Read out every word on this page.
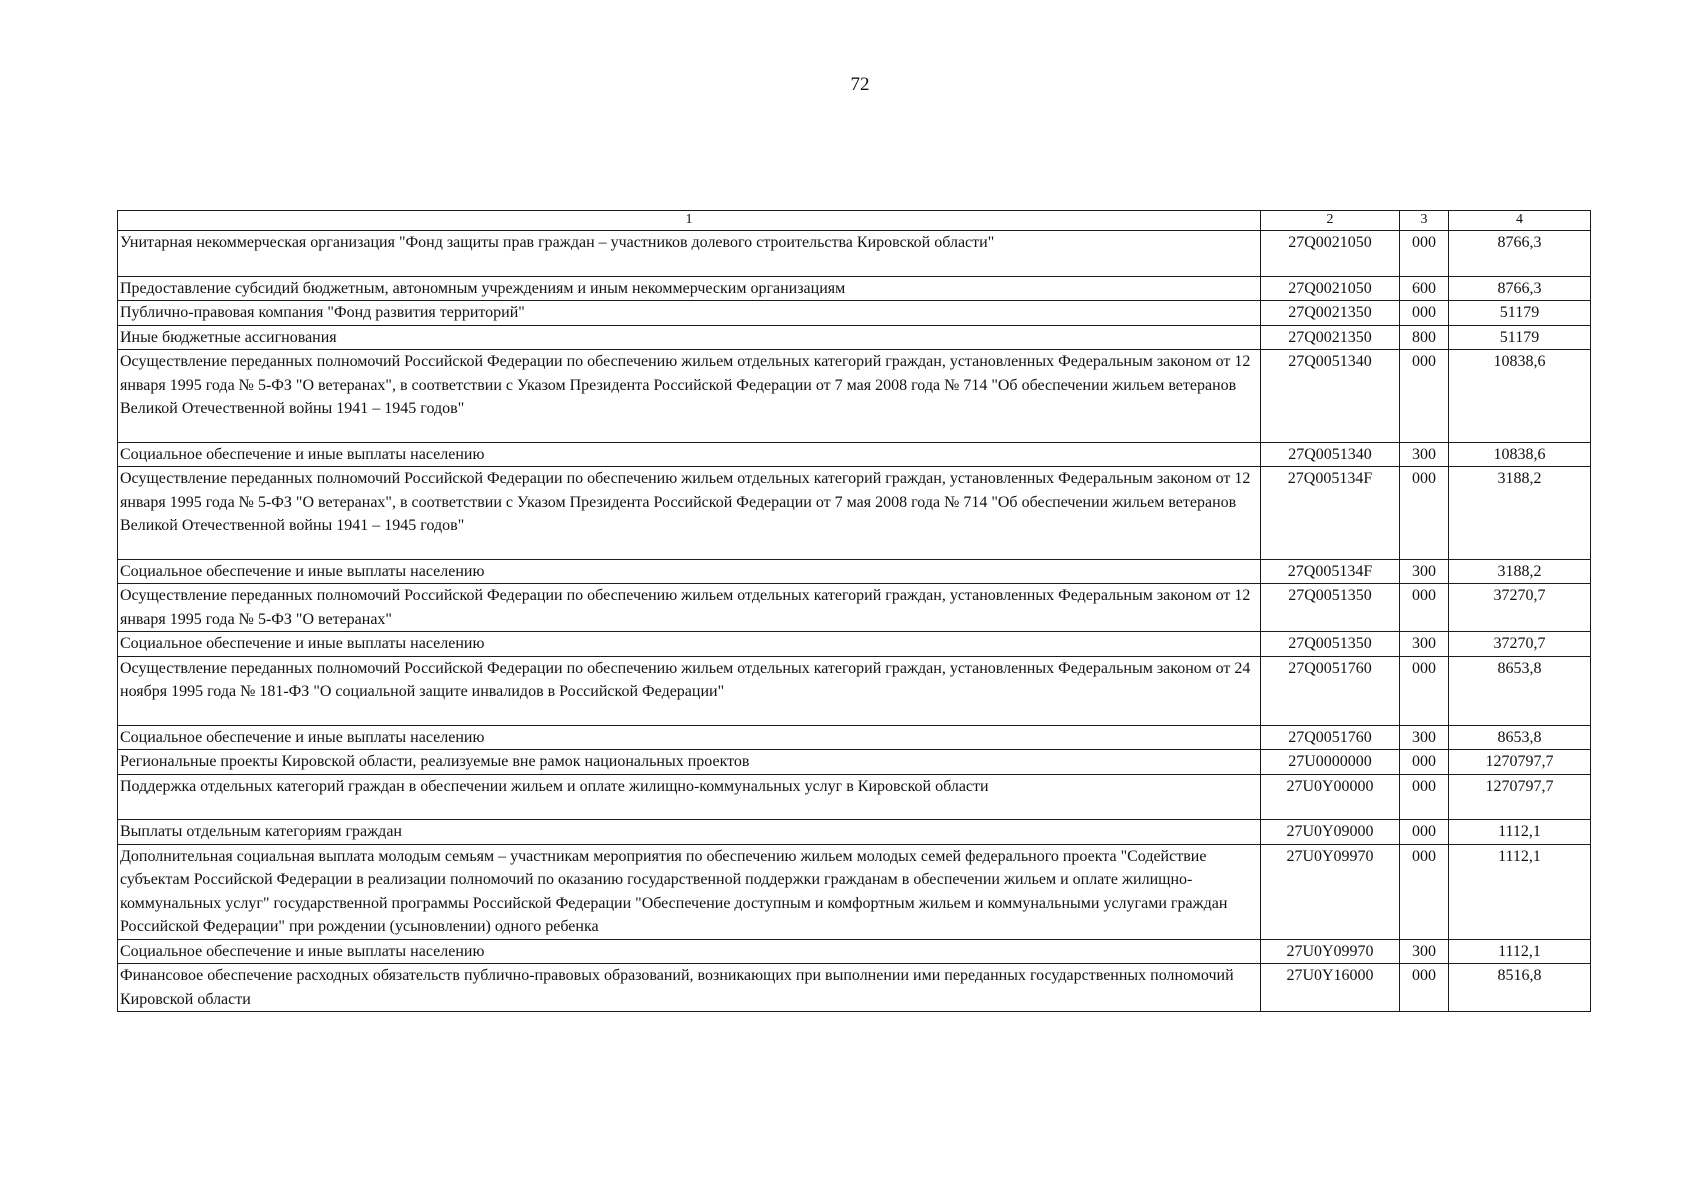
72
1	2	3	4
Унитарная некоммерческая организация "Фонд защиты прав граждан – участников долевого строительства Кировской области"	27Q0021050	000	8766,3
Предоставление субсидий бюджетным, автономным учреждениям и иным некоммерческим организациям	27Q0021050	600	8766,3
Публично-правовая компания "Фонд развития территорий"	27Q0021350	000	51179
Иные бюджетные ассигнования	27Q0021350	800	51179
Осуществление переданных полномочий Российской Федерации по обеспечению жильем отдельных категорий граждан, установленных Федеральным законом от 12 января 1995 года № 5-ФЗ "О ветеранах", в соответствии с Указом Президента Российской Федерации от 7 мая 2008 года № 714 "Об обеспечении жильем ветеранов Великой Отечественной войны 1941 – 1945 годов"	27Q0051340	000	10838,6
Социальное обеспечение и иные выплаты населению	27Q0051340	300	10838,6
Осуществление переданных полномочий Российской Федерации по обеспечению жильем отдельных категорий граждан, установленных Федеральным законом от 12 января 1995 года № 5-ФЗ "О ветеранах", в соответствии с Указом Президента Российской Федерации от 7 мая 2008 года № 714 "Об обеспечении жильем ветеранов Великой Отечественной войны 1941 – 1945 годов"	27Q005134F	000	3188,2
Социальное обеспечение и иные выплаты населению	27Q005134F	300	3188,2
Осуществление переданных полномочий Российской Федерации по обеспечению жильем отдельных категорий граждан, установленных Федеральным законом от 12 января 1995 года № 5-ФЗ "О ветеранах"	27Q0051350	000	37270,7
Социальное обеспечение и иные выплаты населению	27Q0051350	300	37270,7
Осуществление переданных полномочий Российской Федерации по обеспечению жильем отдельных категорий граждан, установленных Федеральным законом от 24 ноября 1995 года № 181-ФЗ "О социальной защите инвалидов в Российской Федерации"	27Q0051760	000	8653,8
Социальное обеспечение и иные выплаты населению	27Q0051760	300	8653,8
Региональные проекты Кировской области, реализуемые вне рамок национальных проектов	27U0000000	000	1270797,7
Поддержка отдельных категорий граждан в обеспечении жильем и оплате жилищно-коммунальных услуг в Кировской области	27U0Y00000	000	1270797,7
Выплаты отдельным категориям граждан	27U0Y09000	000	1112,1
Дополнительная социальная выплата молодым семьям – участникам мероприятия по обеспечению жильем молодых семей федерального проекта "Содействие субъектам Российской Федерации в реализации полномочий по оказанию государственной поддержки гражданам в обеспечении жильем и оплате жилищно-коммунальных услуг" государственной программы Российской Федерации "Обеспечение доступным и комфортным жильем и коммунальными услугами граждан Российской Федерации" при рождении (усыновлении) одного ребенка	27U0Y09970	000	1112,1
Социальное обеспечение и иные выплаты населению	27U0Y09970	300	1112,1
Финансовое обеспечение расходных обязательств публично-правовых образований, возникающих при выполнении ими переданных государственных полномочий Кировской области	27U0Y16000	000	8516,8
